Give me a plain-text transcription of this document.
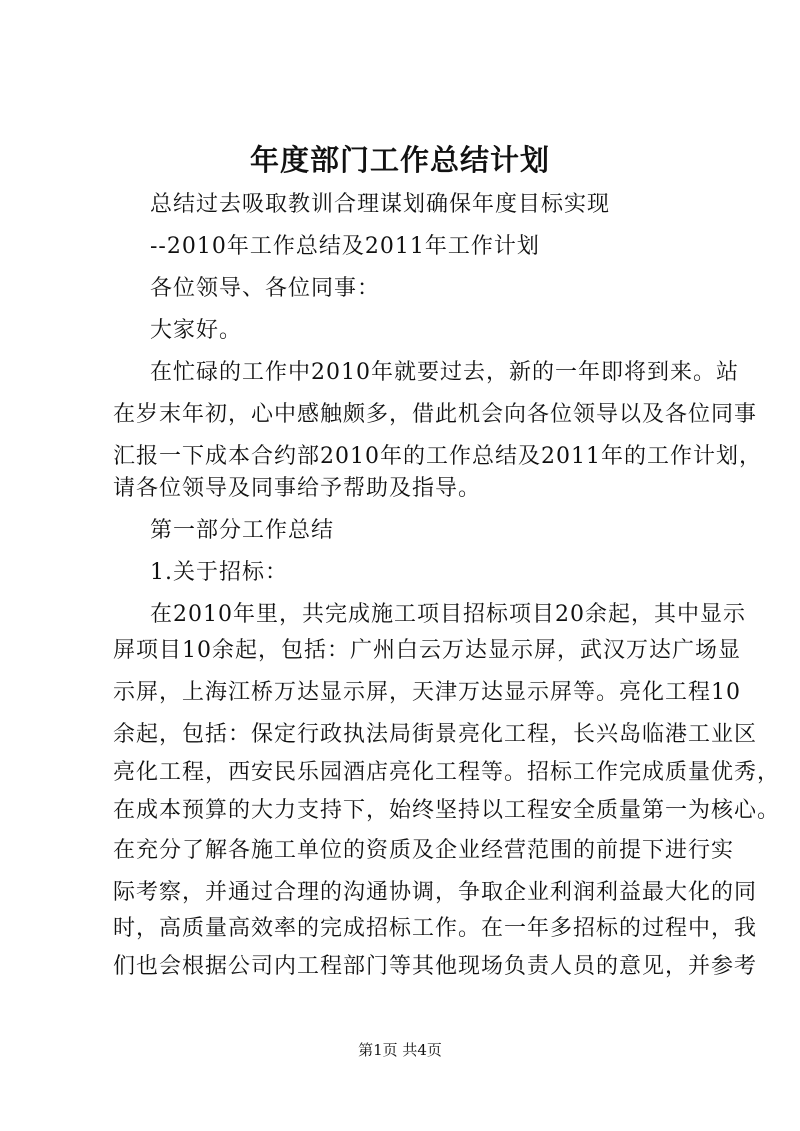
年度部门工作总结计划
总结过去吸取教训合理谋划确保年度目标实现
--2010年工作总结及2011年工作计划
各位领导、各位同事：
大家好。
在忙碌的工作中2010年就要过去，新的一年即将到来。站
在岁末年初，心中感触颇多，借此机会向各位领导以及各位同事
汇报一下成本合约部2010年的工作总结及2011年的工作计划，
请各位领导及同事给予帮助及指导。
第一部分工作总结
1.关于招标：
在2010年里，共完成施工项目招标项目20余起，其中显示
屏项目10余起，包括：广州白云万达显示屏，武汉万达广场显
示屏，上海江桥万达显示屏，天津万达显示屏等。亮化工程10
余起，包括：保定行政执法局街景亮化工程，长兴岛临港工业区
亮化工程，西安民乐园酒店亮化工程等。招标工作完成质量优秀，
在成本预算的大力支持下，始终坚持以工程安全质量第一为核心。
在充分了解各施工单位的资质及企业经营范围的前提下进行实
际考察，并通过合理的沟通协调，争取企业利润利益最大化的同
时，高质量高效率的完成招标工作。在一年多招标的过程中，我
们也会根据公司内工程部门等其他现场负责人员的意见，并参考
第1页 共4页
